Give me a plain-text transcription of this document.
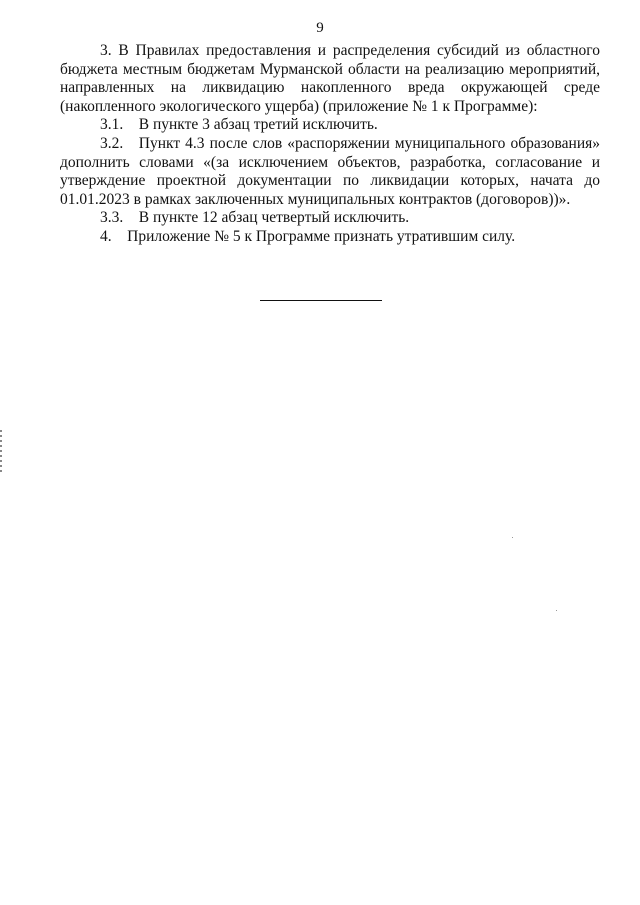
9

3. В Правилах предоставления и распределения субсидий из областного бюджета местным бюджетам Мурманской области на реализацию мероприятий, направленных на ликвидацию накопленного вреда окружающей среде (накопленного экологического ущерба) (приложение № 1 к Программе):

3.1. В пункте 3 абзац третий исключить.

3.2. Пункт 4.3 после слов «распоряжении муниципального образования» дополнить словами «(за исключением объектов, разработка, согласование и утверждение проектной документации по ликвидации которых, начата до 01.01.2023 в рамках заключенных муниципальных контрактов (договоров))».

3.3. В пункте 12 абзац четвертый исключить.

4. Приложение № 5 к Программе признать утратившим силу.
